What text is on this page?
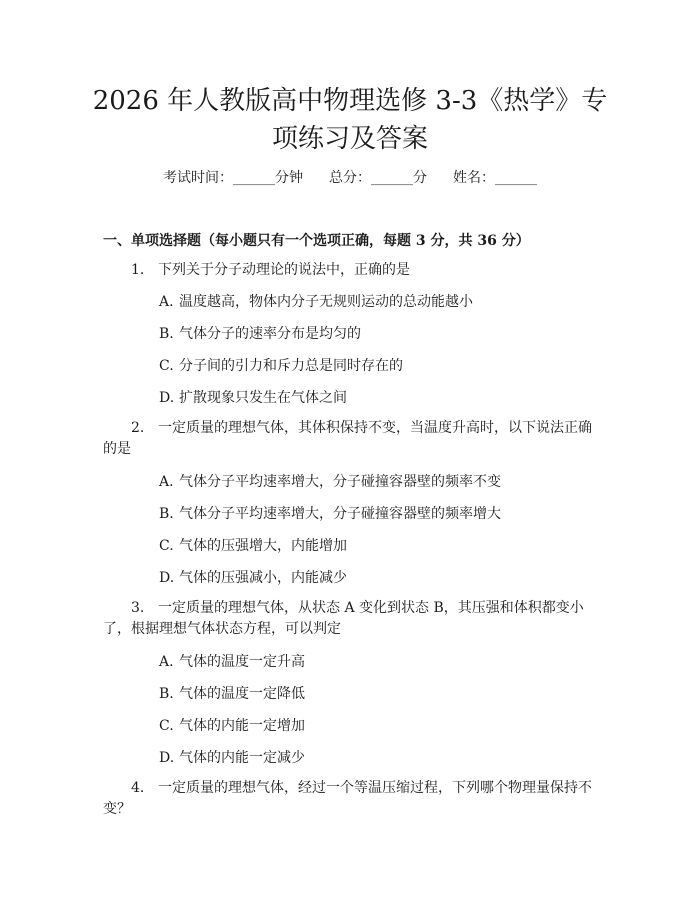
2026 年人教版高中物理选修 3-3《热学》专项练习及答案
考试时间：______分钟 总分：______分 姓名：______
一、单项选择题（每小题只有一个选项正确，每题 3 分，共 36 分）
1. 下列关于分子动理论的说法中，正确的是
A. 温度越高，物体内分子无规则运动的总动能越小
B. 气体分子的速率分布是均匀的
C. 分子间的引力和斥力总是同时存在的
D. 扩散现象只发生在气体之间
2. 一定质量的理想气体，其体积保持不变，当温度升高时，以下说法正确的是
A. 气体分子平均速率增大，分子碰撞容器壁的频率不变
B. 气体分子平均速率增大，分子碰撞容器壁的频率增大
C. 气体的压强增大，内能增加
D. 气体的压强减小，内能减少
3. 一定质量的理想气体，从状态 A 变化到状态 B，其压强和体积都变小了，根据理想气体状态方程，可以判定
A. 气体的温度一定升高
B. 气体的温度一定降低
C. 气体的内能一定增加
D. 气体的内能一定减少
4. 一定质量的理想气体，经过一个等温压缩过程，下列哪个物理量保持不变？
